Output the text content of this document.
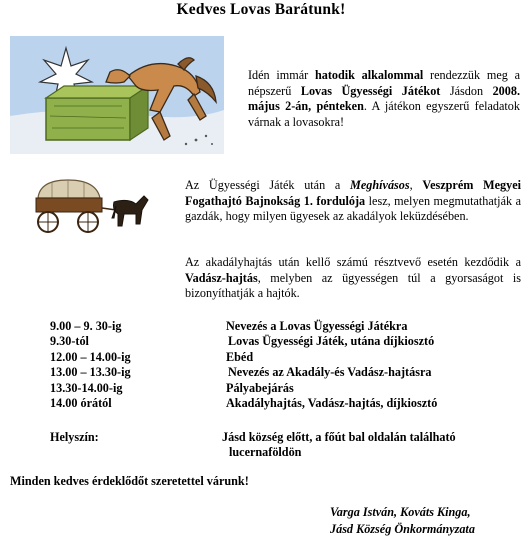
Kedves Lovas Barátunk!
Idén immár hatodik alkalommal rendezzük meg a népszerű Lovas Ügyességi Játékot Jásdon 2008. május 2-án, pénteken. A játékon egyszerű feladatok várnak a lovasokra!
Az Ügyességi Játék után a Meghívásos, Veszprém Megyei Fogathajtó Bajnokság 1. fordulója lesz, melyen megmutathatják a gazdák, hogy milyen ügyesek az akadályok leküzdésében.
Az akadályhajtás után kellő számú résztvevő esetén kezdődik a Vadász-hajtás, melyben az ügyességen túl a gyorsaságot is bizonyíthatják a hajtók.
9.00 – 9. 30-ig	Nevezés a Lovas Ügyességi Játékra
9.30-tól	Lovas Ügyességi Játék, utána díjkiosztó
12.00 – 14.00-ig	Ebéd
13.00 – 13.30-ig	Nevezés az Akadály-és Vadász-hajtásra
13.30-14.00-ig	Pályabejárás
14.00 órától	Akadályhajtás, Vadász-hajtás, díjkiosztó
Helyszín:	Jásd község előtt, a főút bal oldalán található
lucernaföldön
Minden kedves érdeklődőt szeretettel várunk!
Varga István, Kováts Kinga,
Jásd Község Önkormányzata
